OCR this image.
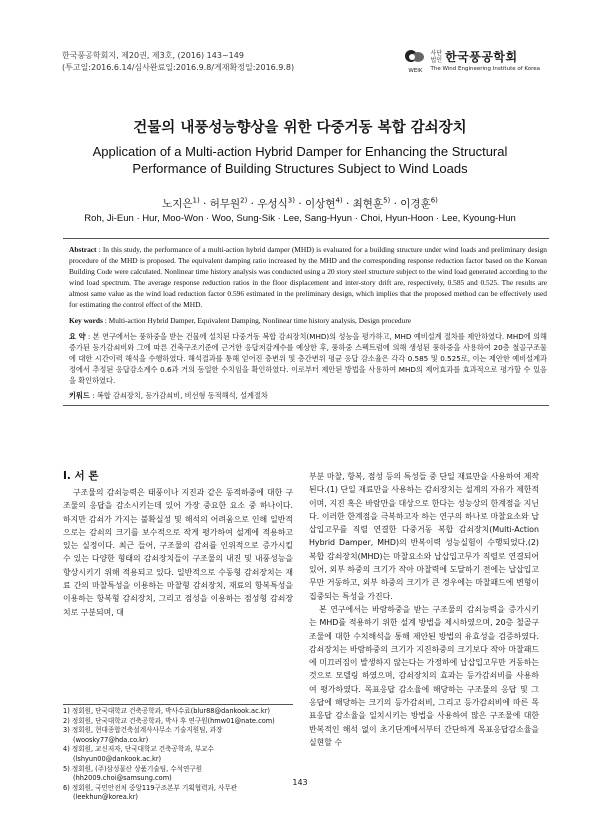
한국풍공학회지, 제20권, 제3호, (2016) 143~149
(투고일:2016.6.14/심사완료일:2016.9.8/게재확정일:2016.9.8)	WEIK
사단
법인 한국풍공학회
The Wind Engineering Institute of Korea
건물의 내풍성능향상을 위한 다중거동 복합 감쇠장치
Application of a Multi-action Hybrid Damper for Enhancing the Structural
Performance of Building Structures Subject to Wind Loads
노지은$^{1)}$ · 허무원$^{2)}$ · 우성식$^{3)}$ · 이상현$^{4)}$ · 최현훈$^{5)}$ · 이경훈$^{6)}$
Roh, Ji-Eun · Hur, Moo-Won · Woo, Sung-Sik · Lee, Sang-Hyun · Choi, Hyun-Hoon · Lee, Kyoung-Hun
Abstract : In this study, the performance of a multi-action hybrid damper (MHD) is evaluated for a building structure under wind loads and preliminary design procedure of the MHD is proposed. The equivalent damping ratio increased by the MHD and the corresponding response reduction factor based on the Korean Building Code were calculated. Nonlinear time history analysis was conducted using a 20 story steel structure subject to the wind load generated according to the wind load spectrum. The average response reduction ratios in the floor displacement and inter-story drift are, respectively, 0.585 and 0.525. The results are almost same value as the wind load reduction factor 0.596 estimated in the preliminary design, which implies that the proposed method can be effectively used for estimating the control effect of the MHD.
Key words : Multi-action Hybrid Damper, Equivalent Damping, Nonlinear time history analysis, Design procedure
요 약 : 본 연구에서는 풍하중을 받는 건물에 설치된 다중거동 복합 감쇠장치(MHD)의 성능을 평가하고, MHD 예비설계 절차를 제안하였다. MHD에 의해 증가된 등가감쇠비와 그에 따른 건축구조기준에 근거한 응답저감계수를 예상한 후, 풍하중 스펙트럼에 의해 생성된 풍하중을 사용하여 20층 철골구조물에 대한 시간이력 해석을 수행하였다. 해석결과를 통해 얻어진 층변위 및 층간변위 평균 응답 감소율은 각각 0.585 및 0.525로, 이는 제안한 예비설계과정에서 추정된 응답감소계수 0.6과 거의 동일한 수치임을 확인하였다. 이로부터 제안된 방법을 사용하여 MHD의 제어효과를 효과적으로 평가할 수 있음을 확인하였다.
키워드 : 복합 감쇠장치, 등가감쇠비, 비선형 동적해석, 설계절차
I. 서 론

구조물의 감쇠능력은 태풍이나 지진과 같은 동적하중에 대한 구조물의 응답을 감소시키는데 있어 가장 중요한 요소 중 하나이다. 하지만 감쇠가 가지는 불확실성 및 해석의 어려움으로 인해 일반적으로는 감쇠의 크기를 보수적으로 작게 평가하여 설계에 적용하고 있는 실정이다. 최근 들어, 구조물의 감쇠를 인위적으로 증가시킬 수 있는 다양한 형태의 감쇠장치들이 구조물의 내진 및 내풍성능을 향상시키기 위해 적용되고 있다. 일반적으로 수동형 감쇠장치는 재료 간의 마찰특성을 이용하는 마찰형 감쇠장치, 재료의 항복특성을 이용하는 항복형 감쇠장치, 그리고 점성을 이용하는 점성형 감쇠장치로 구분되며, 대

부분 마찰, 항복, 점성 등의 특성들 중 단일 재료만을 사용하여 제작된다.(1) 단일 재료만을 사용하는 감쇠장치는 설계의 자유가 제한적이며, 지진 혹은 바람만을 대상으로 한다는 성능상의 한계점을 지닌다. 이러한 한계점을 극복하고자 하는 연구의 하나로 마찰요소와 납삽입고무를 직렬 연결한 다중거동 복합 감쇠장치(Multi-Action Hybrid Damper, MHD)의 반복이력 성능실험이 수행되었다.(2) 복합 감쇠장치(MHD)는 마찰요소와 납삽입고무가 직렬로 연결되어 있어, 외부 하중의 크기가 작아 마찰력에 도달하기 전에는 납삽입고무만 거동하고, 외부 하중의 크기가 큰 경우에는 마찰패드에 변형이 집중되는 특성을 가진다.

본 연구에서는 바람하중을 받는 구조물의 감쇠능력을 증가시키는 MHD를 적용하기 위한 설계 방법을 제시하였으며, 20층 철골구조물에 대한 수치해석을 통해 제안된 방법의 유효성을 검증하였다. 감쇠장치는 바람하중의 크기가 지진하중의 크기보다 작아 마찰패드에 미끄러짐이 발생하지 않는다는 가정하에 납삽입고무만 거동하는 것으로 모델링 하였으며, 감쇠장치의 효과는 등가감쇠비를 사용하여 평가하였다. 목표응답 감소율에 해당하는 구조물의 응답 및 그 응답에 해당하는 크기의 등가감쇠비, 그리고 등가감쇠비에 따른 목표응답 감소율을 일치시키는 방법을 사용하여 많은 구조물에 대한 반복적인 해석 없이 초기단계에서부터 간단하게 목표응답감소율을 실현할 수

1) 정회원, 단국대학교 건축공학과, 박사수료(blur88@dankook.ac.kr)
2) 정회원, 단국대학교 건축공학과, 박사 후 연구원(hmw01@nate.com)
3) 정회원, 현대종합건축설계사사무소 기술지원팀, 과장
(woosky77@hda.co.kr)
4) 정회원, 교신저자, 단국대학교 건축공학과, 부교수
(lshyun00@dankook.ac.kr)
5) 정회원, (주)삼성물산 상품기술팀, 수석연구원
(hh2009.choi@samsung.com)
6) 정회원, 국민안전처 중앙119구조본부 기획협력과, 사무관
(leekhun@korea.kr)
143
